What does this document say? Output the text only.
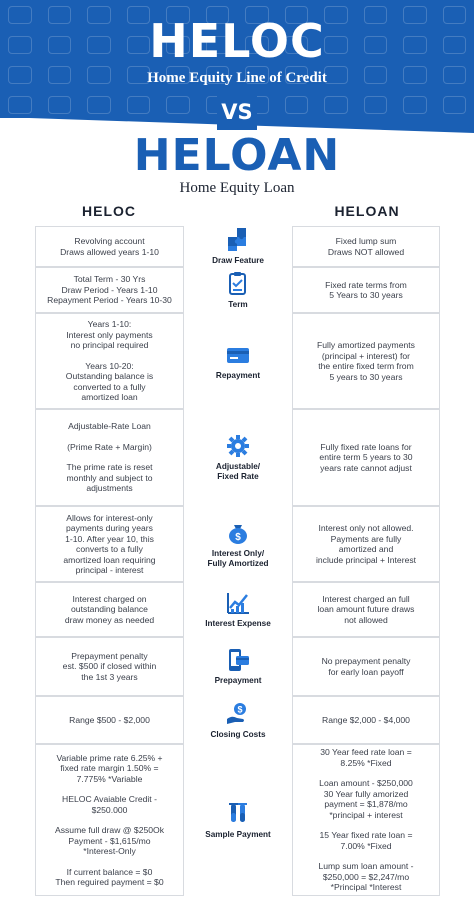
HELOC
Home Equity Line of Credit
VS
HELOAN
Home Equity Loan
HELOC	HELOAN

Revolving account
Draws allowed years 1-10

Fixed lump sum
Draws NOT allowed

Draw Feature

Total Term - 30 Yrs
Draw Period - Years 1-10
Repayment Period - Years 10-30

Fixed rate terms from
5 Years to 30 years

Term

Years 1-10:
Interest only payments
no principal required

Years 10-20:
Outstanding balance is
converted to a fully
amortized loan

Fully amortized payments
(principal + interest) for
the entire fixed term from
5 years to 30 years

Repayment

Adjustable-Rate Loan

(Prime Rate + Margin)

The prime rate is reset
monthly and subject to
adjustments

Fully fixed rate loans for
entire term 5 years to 30
years rate cannot adjust

Adjustable/
Fixed Rate

Allows for interest-only
payments during years
1-10. After year 10, this
converts to a fully
amortized loan requiring
principal - interest

Interest only not allowed.
Payments are fully
amortized and
include principal + Interest

$
Interest Only/
Fully Amortized

Interest charged on
outstanding balance
draw money as needed

Interest charged an full
loan amount future draws
not allowed

Interest Expense

Prepayment penalty
est. $500 if closed within
the 1st 3 years

No prepayment penalty
for early loan payoff

Prepayment

Range $500 - $2,000	Range $2,000 - $4,000

$
Closing Costs

Variable prime rate 6.25% +
fixed rate margin 1.50% =
7.775% *Variable

HELOC Avaiable Credit -
$250.000

Assume full draw @ $250Ok
Payment - $1,615/mo
*Interest-Only

If current balance = $0
Then reguired payment = $0

30 Year feed rate loan =
8.25% *Fixed

Loan amount - $250,000
30 Year fully amorized
payment = $1,878/mo
*principal + interest

15 Year fixed rate loan =
7.00% *Fixed

Lump sum loan amount -
$250,000 = $2,247/mo
*Principal *Interest

Sample Payment
